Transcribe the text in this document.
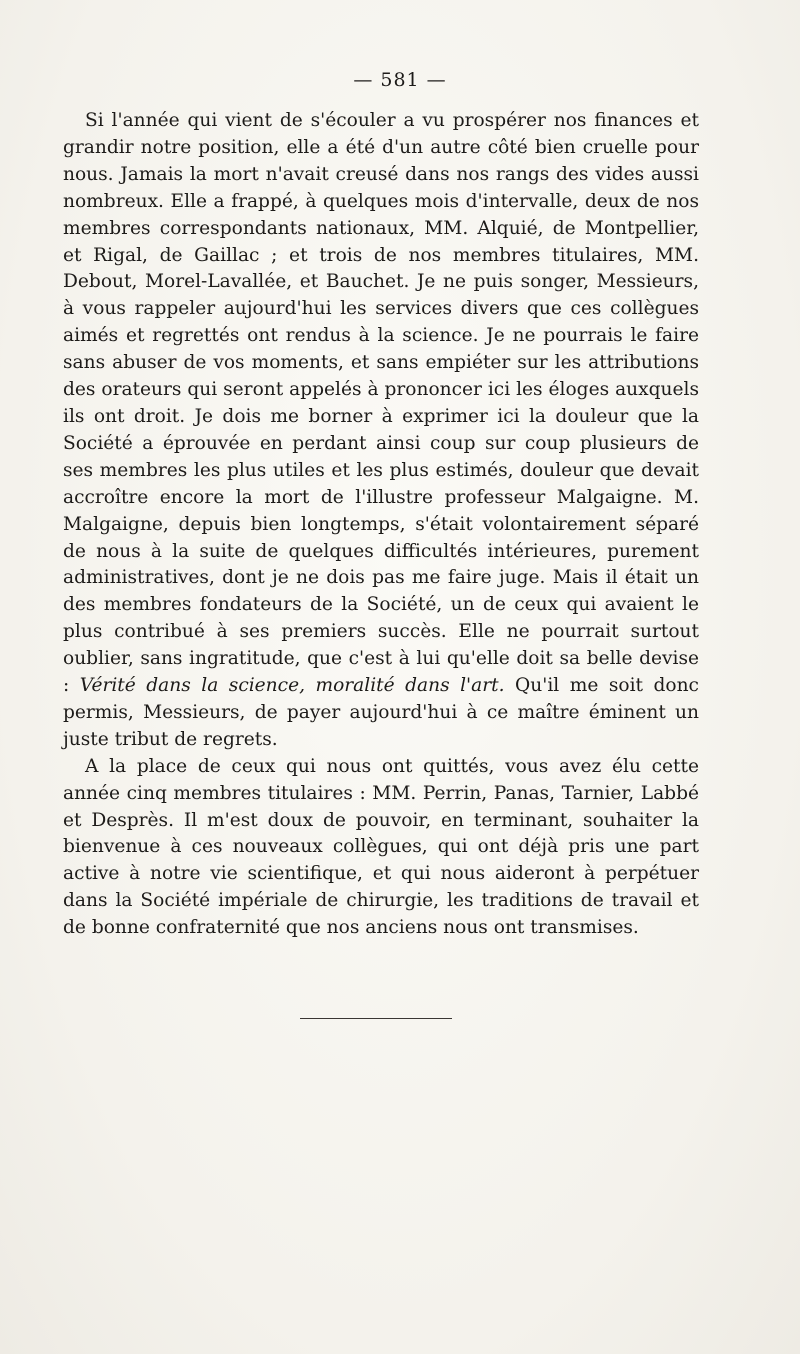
— 581 —

Si l'année qui vient de s'écouler a vu prospérer nos finances et grandir notre position, elle a été d'un autre côté bien cruelle pour nous. Jamais la mort n'avait creusé dans nos rangs des vides aussi nombreux. Elle a frappé, à quelques mois d'intervalle, deux de nos membres correspondants nationaux, MM. Alquié, de Montpellier, et Rigal, de Gaillac ; et trois de nos membres titulaires, MM. Debout, Morel-Lavallée, et Bauchet. Je ne puis songer, Messieurs, à vous rappeler aujourd'hui les services divers que ces collègues aimés et regrettés ont rendus à la science. Je ne pourrais le faire sans abuser de vos moments, et sans empiéter sur les attributions des orateurs qui seront appelés à prononcer ici les éloges auxquels ils ont droit. Je dois me borner à exprimer ici la douleur que la Société a éprouvée en perdant ainsi coup sur coup plusieurs de ses membres les plus utiles et les plus estimés, douleur que devait accroître encore la mort de l'illustre professeur Malgaigne. M. Malgaigne, depuis bien longtemps, s'était volontairement séparé de nous à la suite de quelques difficultés intérieures, purement administratives, dont je ne dois pas me faire juge. Mais il était un des membres fondateurs de la Société, un de ceux qui avaient le plus contribué à ses premiers succès. Elle ne pourrait surtout oublier, sans ingratitude, que c'est à lui qu'elle doit sa belle devise : Vérité dans la science, moralité dans l'art. Qu'il me soit donc permis, Messieurs, de payer aujourd'hui à ce maître éminent un juste tribut de regrets.

A la place de ceux qui nous ont quittés, vous avez élu cette année cinq membres titulaires : MM. Perrin, Panas, Tarnier, Labbé et Desprès. Il m'est doux de pouvoir, en terminant, souhaiter la bienvenue à ces nouveaux collègues, qui ont déjà pris une part active à notre vie scientifique, et qui nous aideront à perpétuer dans la Société impériale de chirurgie, les traditions de travail et de bonne confraternité que nos anciens nous ont transmises.
